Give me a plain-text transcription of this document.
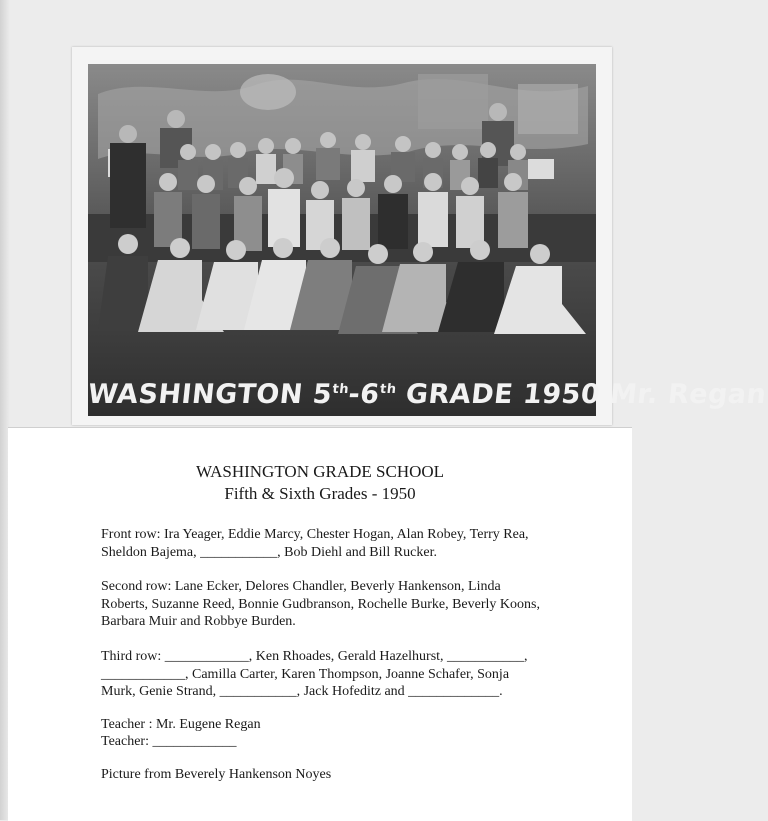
WASHINGTON 5th-6th GRADE 1950 Mr. Regan
WASHINGTON GRADE SCHOOL
Fifth & Sixth Grades - 1950
Front row: Ira Yeager, Eddie Marcy, Chester Hogan, Alan Robey, Terry Rea, Sheldon Bajema, ___________, Bob Diehl and Bill Rucker.
Second row: Lane Ecker, Delores Chandler, Beverly Hankenson, Linda Roberts, Suzanne Reed, Bonnie Gudbranson, Rochelle Burke, Beverly Koons, Barbara Muir and Robbye Burden.
Third row: ____________, Ken Rhoades, Gerald Hazelhurst, ___________, ____________, Camilla Carter, Karen Thompson, Joanne Schafer, Sonja Murk, Genie Strand, ___________, Jack Hofeditz and _____________.
Teacher : Mr. Eugene Regan
Teacher: ____________
Picture from Beverely Hankenson Noyes
